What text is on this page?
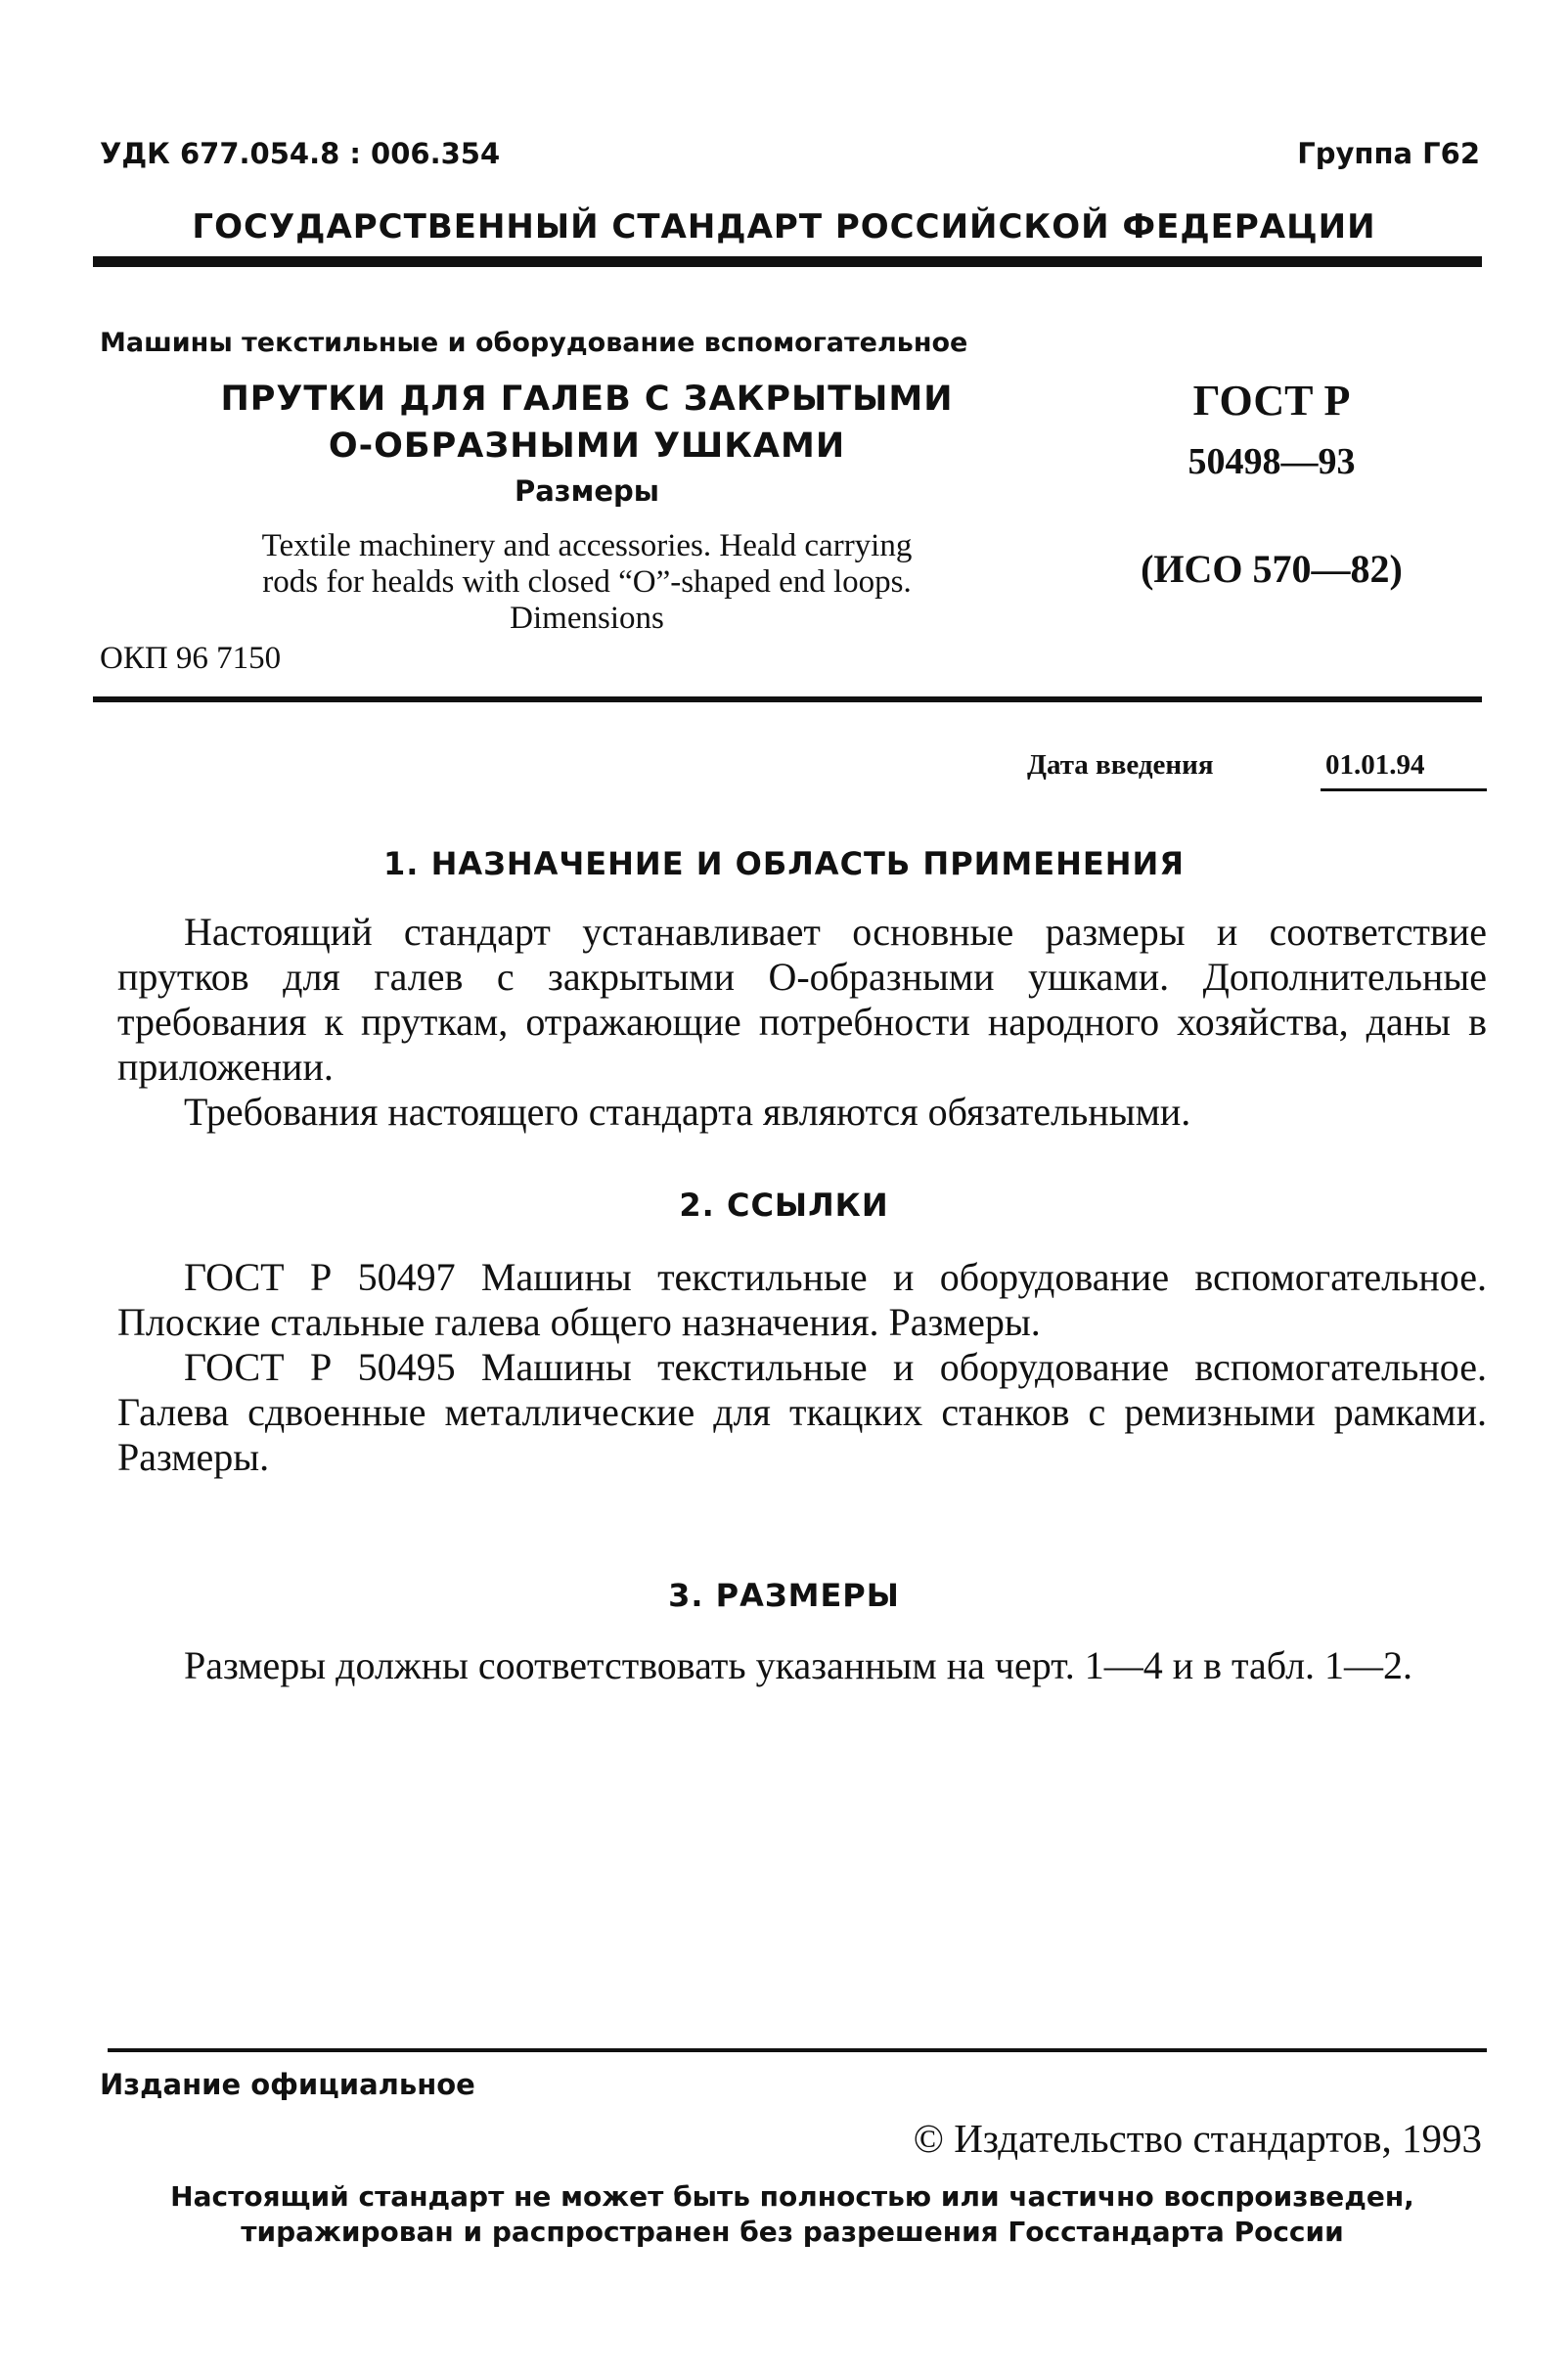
УДК 677.054.8 : 006.354	Группа Г62
ГОСУДАРСТВЕННЫЙ СТАНДАРТ РОССИЙСКОЙ ФЕДЕРАЦИИ
Машины текстильные и оборудование вспомогательное
ПРУТКИ ДЛЯ ГАЛЕВ С ЗАКРЫТЫМИ
О-ОБРАЗНЫМИ УШКАМИ
Размеры
Textile machinery and accessories. Heald carrying
rods for healds with closed “O”-shaped end loops.
Dimensions
ОКП 96 7150
ГОСТ Р
50498—93
(ИСО 570—82)
Дата введения	01.01.94
1. НАЗНАЧЕНИЕ И ОБЛАСТЬ ПРИМЕНЕНИЯ

Настоящий стандарт устанавливает основные размеры и соответствие прутков для галев с закрытыми О-образными ушками. Дополнительные требования к пруткам, отражающие потребности народного хозяйства, даны в приложении.

Требования настоящего стандарта являются обязательными.

2. ССЫЛКИ

ГОСТ Р 50497 Машины текстильные и оборудование вспомогательное. Плоские стальные галева общего назначения. Размеры.

ГОСТ Р 50495 Машины текстильные и оборудование вспомогательное. Галева сдвоенные металлические для ткацких станков с ремизными рамками. Размеры.

3. РАЗМЕРЫ

Размеры должны соответствовать указанным на черт. 1—4 и в табл. 1—2.

Издание официальное
© Издательство стандартов, 1993
Настоящий стандарт не может быть полностью или частично воспроизведен,
тиражирован и распространен без разрешения Госстандарта России
